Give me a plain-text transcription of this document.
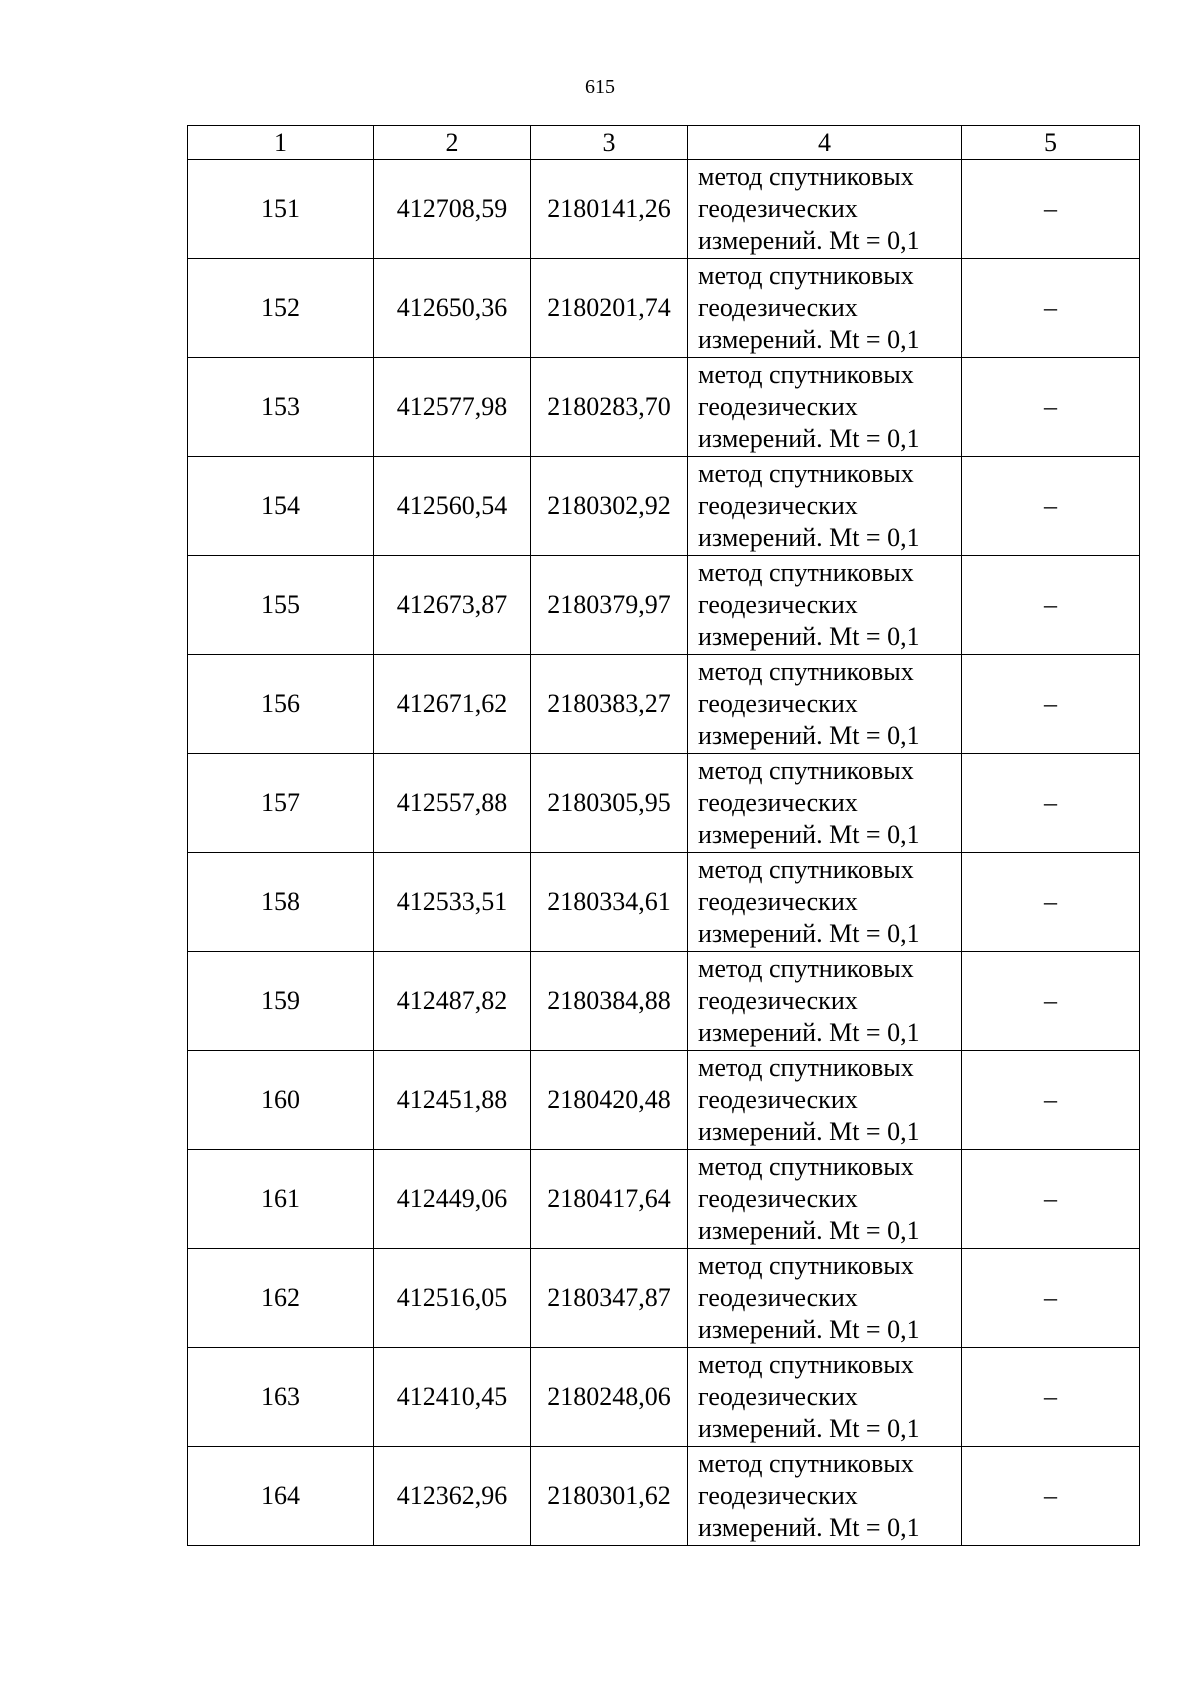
615
1	2	3	4	5
151	412708,59	2180141,26	метод спутниковых
геодезических
измерений. Mt = 0,1	–
152	412650,36	2180201,74	метод спутниковых
геодезических
измерений. Mt = 0,1	–
153	412577,98	2180283,70	метод спутниковых
геодезических
измерений. Mt = 0,1	–
154	412560,54	2180302,92	метод спутниковых
геодезических
измерений. Mt = 0,1	–
155	412673,87	2180379,97	метод спутниковых
геодезических
измерений. Mt = 0,1	–
156	412671,62	2180383,27	метод спутниковых
геодезических
измерений. Mt = 0,1	–
157	412557,88	2180305,95	метод спутниковых
геодезических
измерений. Mt = 0,1	–
158	412533,51	2180334,61	метод спутниковых
геодезических
измерений. Mt = 0,1	–
159	412487,82	2180384,88	метод спутниковых
геодезических
измерений. Mt = 0,1	–
160	412451,88	2180420,48	метод спутниковых
геодезических
измерений. Mt = 0,1	–
161	412449,06	2180417,64	метод спутниковых
геодезических
измерений. Mt = 0,1	–
162	412516,05	2180347,87	метод спутниковых
геодезических
измерений. Mt = 0,1	–
163	412410,45	2180248,06	метод спутниковых
геодезических
измерений. Mt = 0,1	–
164	412362,96	2180301,62	метод спутниковых
геодезических
измерений. Mt = 0,1	–
